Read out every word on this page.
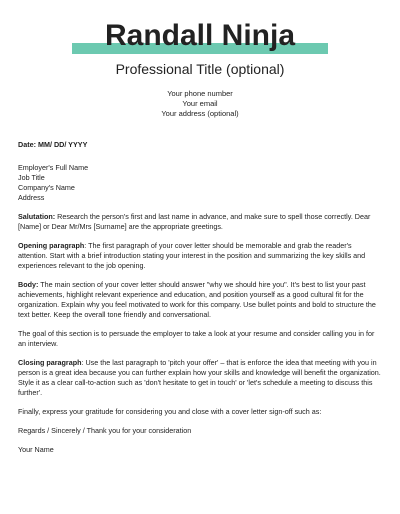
Randall Ninja
Professional Title (optional)
Your phone number
Your email
Your address (optional)

Date: MM/ DD/ YYYY

Employer's Full Name
Job Title
Company's Name
Address

Salutation: Research the person's first and last name in advance, and make sure to spell those correctly. Dear [Name] or Dear Mr/Mrs [Surname] are the appropriate greetings.

Opening paragraph: The first paragraph of your cover letter should be memorable and grab the reader's attention. Start with a brief introduction stating your interest in the position and summarizing the key skills and experiences relevant to the job opening.

Body: The main section of your cover letter should answer "why we should hire you". It's best to list your past achievements, highlight relevant experience and education, and position yourself as a good cultural fit for the organization. Explain why you feel motivated to work for this company. Use bullet points and bold to structure the text better. Keep the overall tone friendly and conversational.

The goal of this section is to persuade the employer to take a look at your resume and consider calling you in for an interview.

Closing paragraph: Use the last paragraph to 'pitch your offer' – that is enforce the idea that meeting with you in person is a great idea because you can further explain how your skills and knowledge will benefit the organization. Style it as a clear call-to-action such as 'don't hesitate to get in touch' or 'let's schedule a meeting to discuss this further'.

Finally, express your gratitude for considering you and close with a cover letter sign-off such as:

Regards / Sincerely / Thank you for your consideration

Your Name
